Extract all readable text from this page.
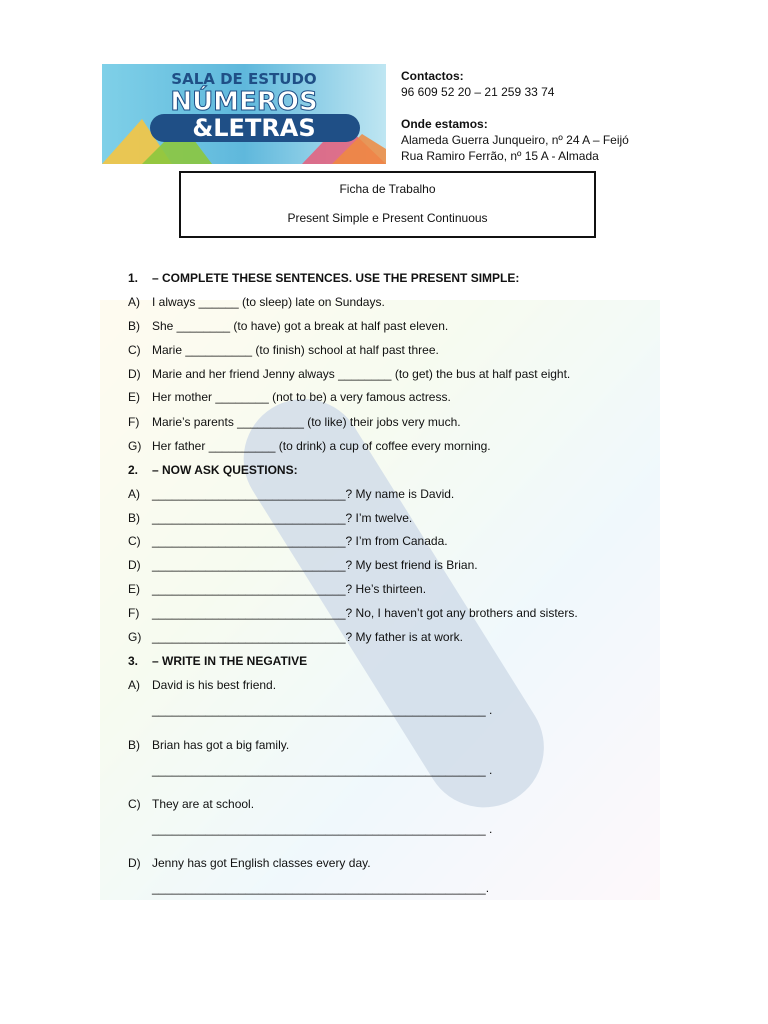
SALA DE ESTUDO
NÚMEROS
&LETRAS
Contactos:
96 609 52 20 – 21 259 33 74
Onde estamos:
Alameda Guerra Junqueiro, nº 24 A – Feijó
Rua Ramiro Ferrão, nº 15 A - Almada
Ficha de Trabalho
Present Simple e Present Continuous
1. – COMPLETE THESE SENTENCES. USE THE PRESENT SIMPLE:
A) I always ______ (to sleep) late on Sundays.
B) She ________ (to have) got a break at half past eleven.
C) Marie __________ (to finish) school at half past three.
D) Marie and her friend Jenny always ________ (to get) the bus at half past eight.
E) Her mother ________ (not to be) a very famous actress.
F) Marie’s parents __________ (to like) their jobs very much.
G) Her father __________ (to drink) a cup of coffee every morning.
2. – NOW ASK QUESTIONS:
A) _____________________________? My name is David.
B) _____________________________? I’m twelve.
C) _____________________________? I’m from Canada.
D) _____________________________? My best friend is Brian.
E) _____________________________? He’s thirteen.
F) _____________________________? No, I haven’t got any brothers and sisters.
G) _____________________________? My father is at work.
3. – WRITE IN THE NEGATIVE
A) David is his best friend.
__________________________________________________ .
B) Brian has got a big family.
__________________________________________________ .
C) They are at school.
__________________________________________________ .
D) Jenny has got English classes every day.
__________________________________________________.
